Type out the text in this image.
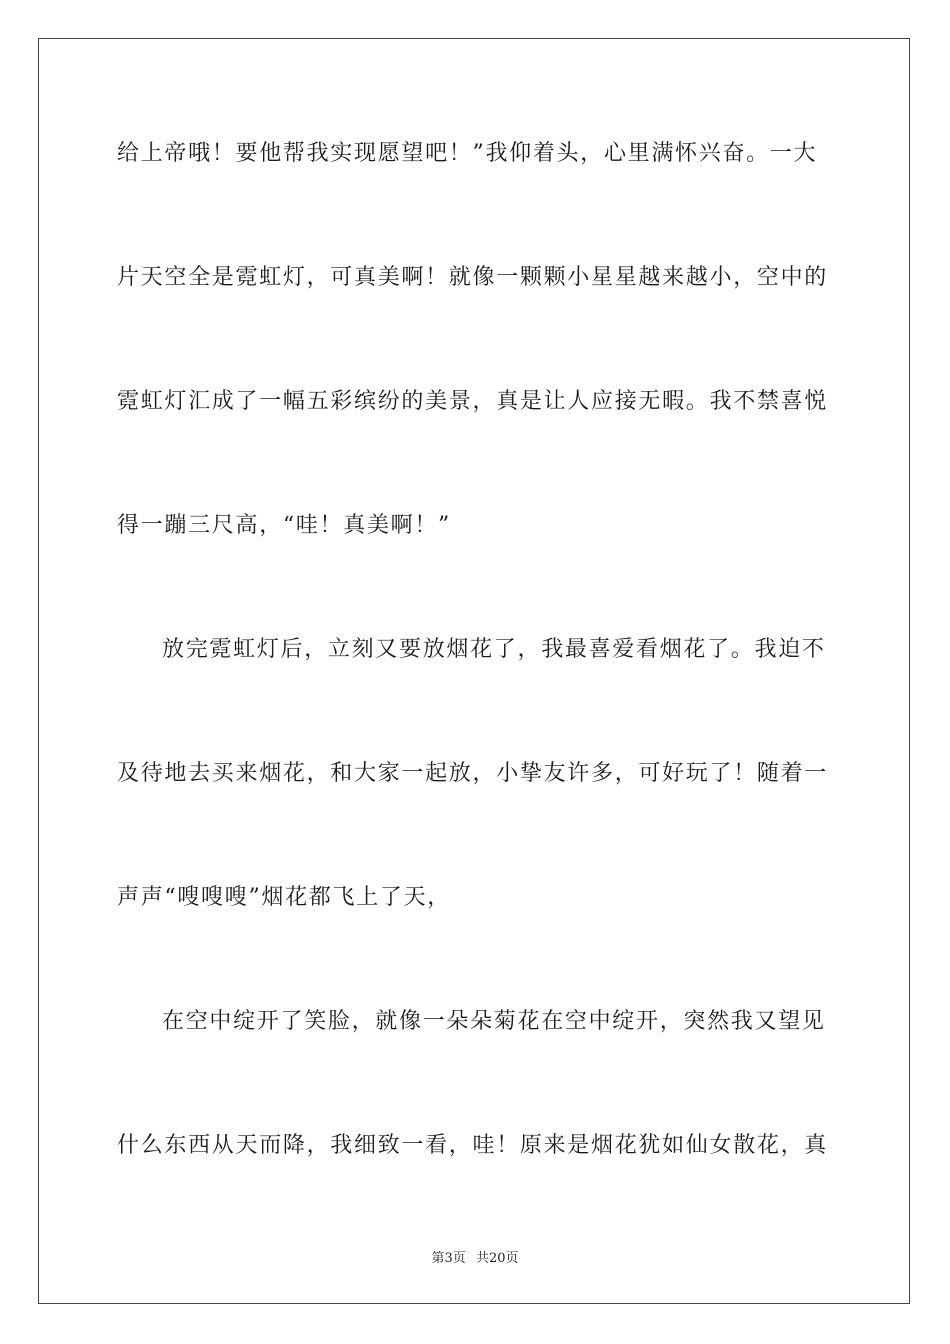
给上帝哦！要他帮我实现愿望吧！”我仰着头，心里满怀兴奋。一大
片天空全是霓虹灯，可真美啊！就像一颗颗小星星越来越小，空中的
霓虹灯汇成了一幅五彩缤纷的美景，真是让人应接无暇。我不禁喜悦
得一蹦三尺高，“哇！真美啊！”
放完霓虹灯后，立刻又要放烟花了，我最喜爱看烟花了。我迫不
及待地去买来烟花，和大家一起放，小挚友许多，可好玩了！随着一
声声“嗖嗖嗖”烟花都飞上了天，
在空中绽开了笑脸，就像一朵朵菊花在空中绽开，突然我又望见
什么东西从天而降，我细致一看，哇！原来是烟花犹如仙女散花，真
第3页 共20页
